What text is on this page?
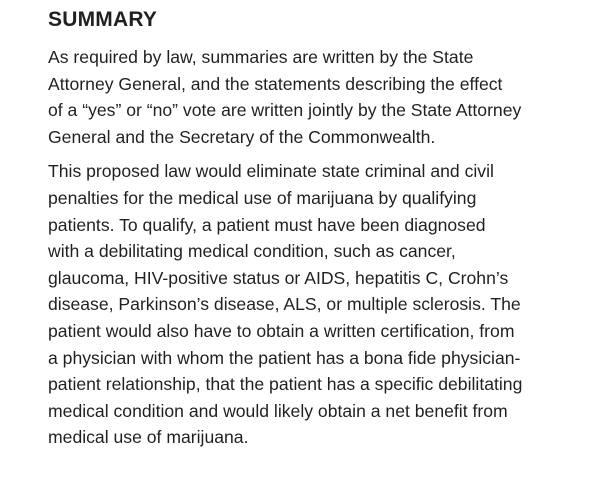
SUMMARY

As required by law, summaries are written by the State
Attorney General, and the statements describing the effect
of a “yes” or “no” vote are written jointly by the State Attorney
General and the Secretary of the Commonwealth.

This proposed law would eliminate state criminal and civil
penalties for the medical use of marijuana by qualifying
patients. To qualify, a patient must have been diagnosed
with a debilitating medical condition, such as cancer,
glaucoma, HIV-positive status or AIDS, hepatitis C, Crohn’s
disease, Parkinson’s disease, ALS, or multiple sclerosis. The
patient would also have to obtain a written certification, from
a physician with whom the patient has a bona fide physician-
patient relationship, that the patient has a specific debilitating
medical condition and would likely obtain a net benefit from
medical use of marijuana.
